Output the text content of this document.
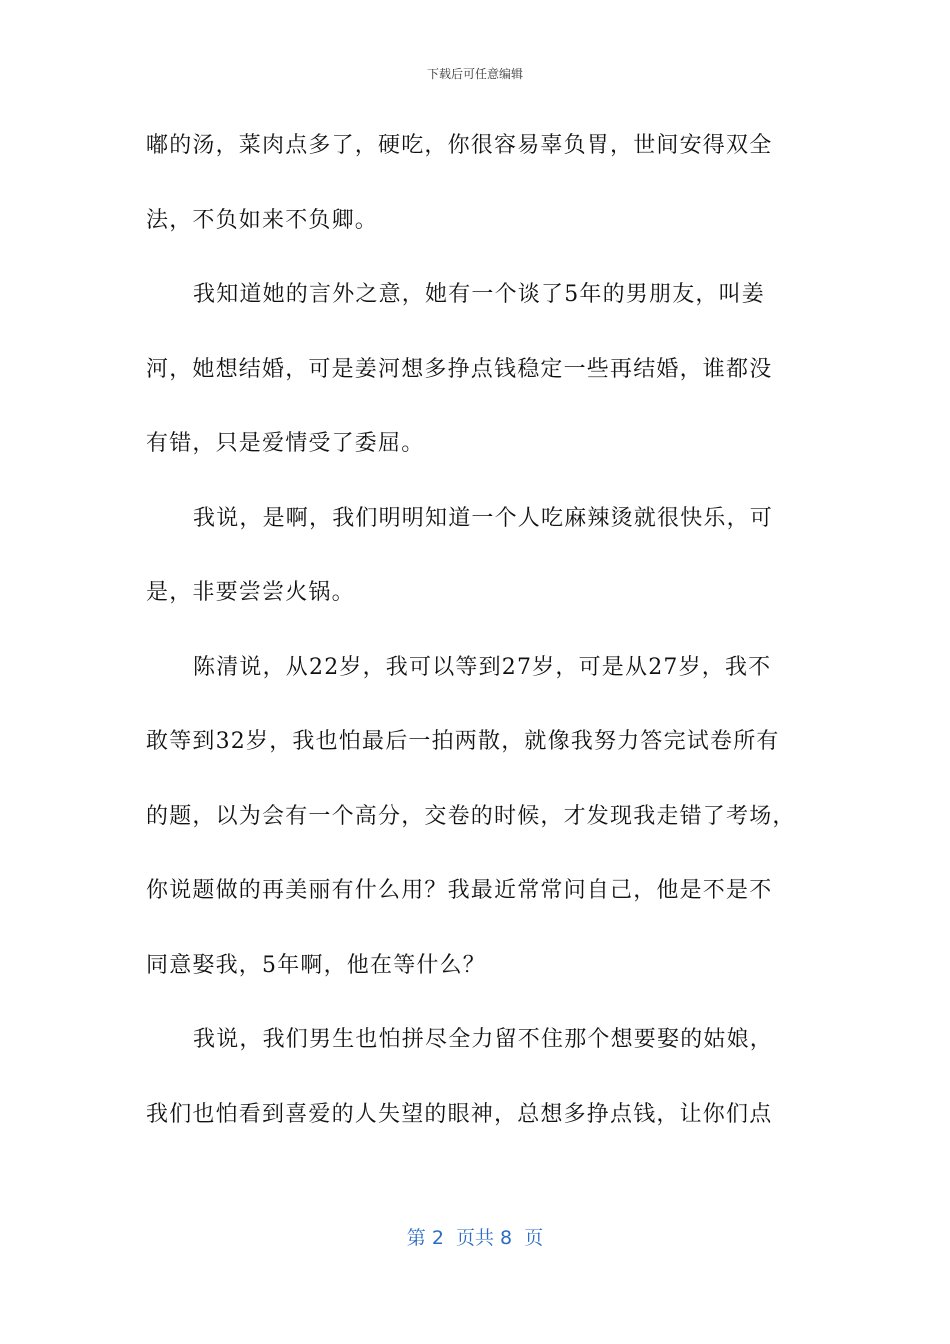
下载后可任意编辑
嘟的汤，菜肉点多了，硬吃，你很容易辜负胃，世间安得双全
法，不负如来不负卿。
我知道她的言外之意，她有一个谈了5年的男朋友，叫姜
河，她想结婚，可是姜河想多挣点钱稳定一些再结婚，谁都没
有错，只是爱情受了委屈。
我说，是啊，我们明明知道一个人吃麻辣烫就很快乐，可
是，非要尝尝火锅。
陈清说，从22岁，我可以等到27岁，可是从27岁，我不
敢等到32岁，我也怕最后一拍两散，就像我努力答完试卷所有
的题，以为会有一个高分，交卷的时候，才发现我走错了考场，
你说题做的再美丽有什么用？我最近常常问自己，他是不是不
同意娶我，5年啊，他在等什么？
我说，我们男生也怕拼尽全力留不住那个想要娶的姑娘，
我们也怕看到喜爱的人失望的眼神，总想多挣点钱，让你们点
第 2  页共 8  页
